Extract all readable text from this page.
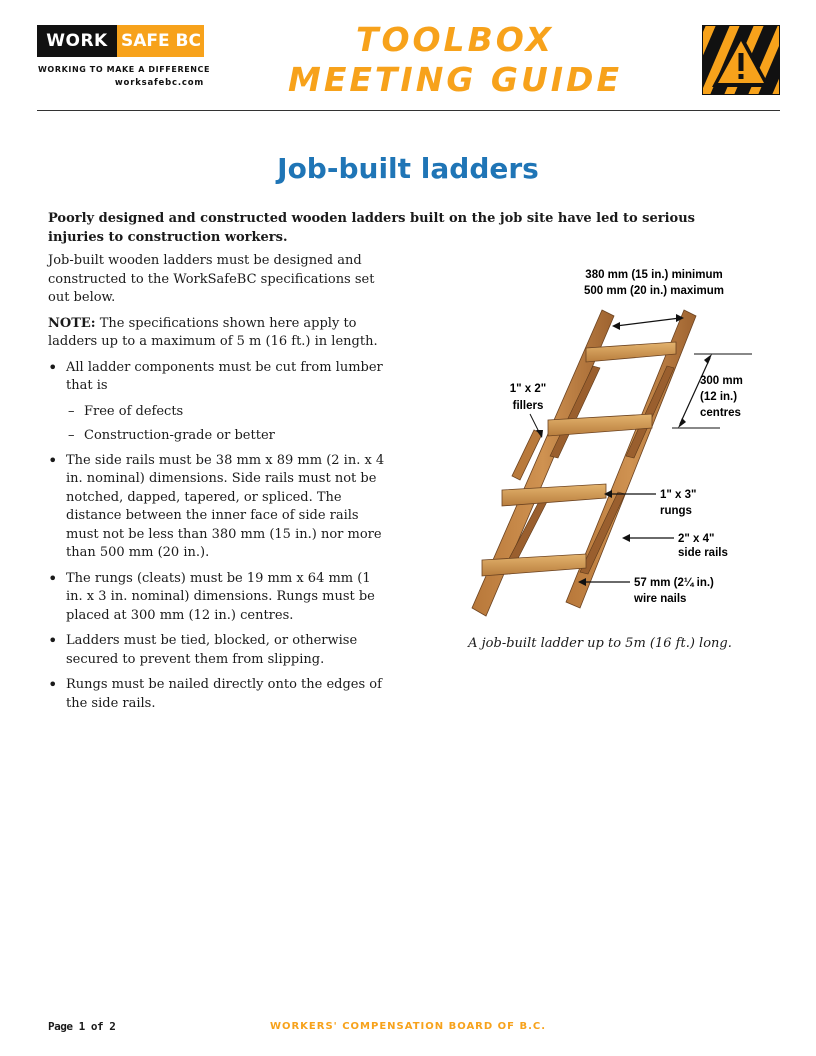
WORK SAFE BC
WORKING TO MAKE A DIFFERENCE
worksafebc.com
TOOLBOX
MEETING GUIDE
Job-built ladders
Poorly designed and constructed wooden ladders built on the job site have led to serious injuries to construction workers.

Job-built wooden ladders must be designed and constructed to the WorkSafeBC specifications set out below.

NOTE: The specifications shown here apply to ladders up to a maximum of 5 m (16 ft.) in length.

• All ladder components must be cut from lumber that is
– Free of defects
– Construction-grade or better
• The side rails must be 38 mm x 89 mm (2 in. x 4 in. nominal) dimensions. Side rails must not be notched, dapped, tapered, or spliced. The distance between the inner face of side rails must not be less than 380 mm (15 in.) nor more than 500 mm (20 in.).
• The rungs (cleats) must be 19 mm x 64 mm (1 in. x 3 in. nominal) dimensions. Rungs must be placed at 300 mm (12 in.) centres.
• Ladders must be tied, blocked, or otherwise secured to prevent them from slipping.
• Rungs must be nailed directly onto the edges of the side rails.
380 mm (15 in.) minimum
500 mm (20 in.) maximum
300 mm
(12 in.)
centres
1" x 2"
fillers
1" x 3"
rungs
2" x 4"
side rails
57 mm (2¼ in.)
wire nails
A job-built ladder up to 5m (16 ft.) long.
Page 1 of 2	WORKERS' COMPENSATION BOARD OF B.C.
